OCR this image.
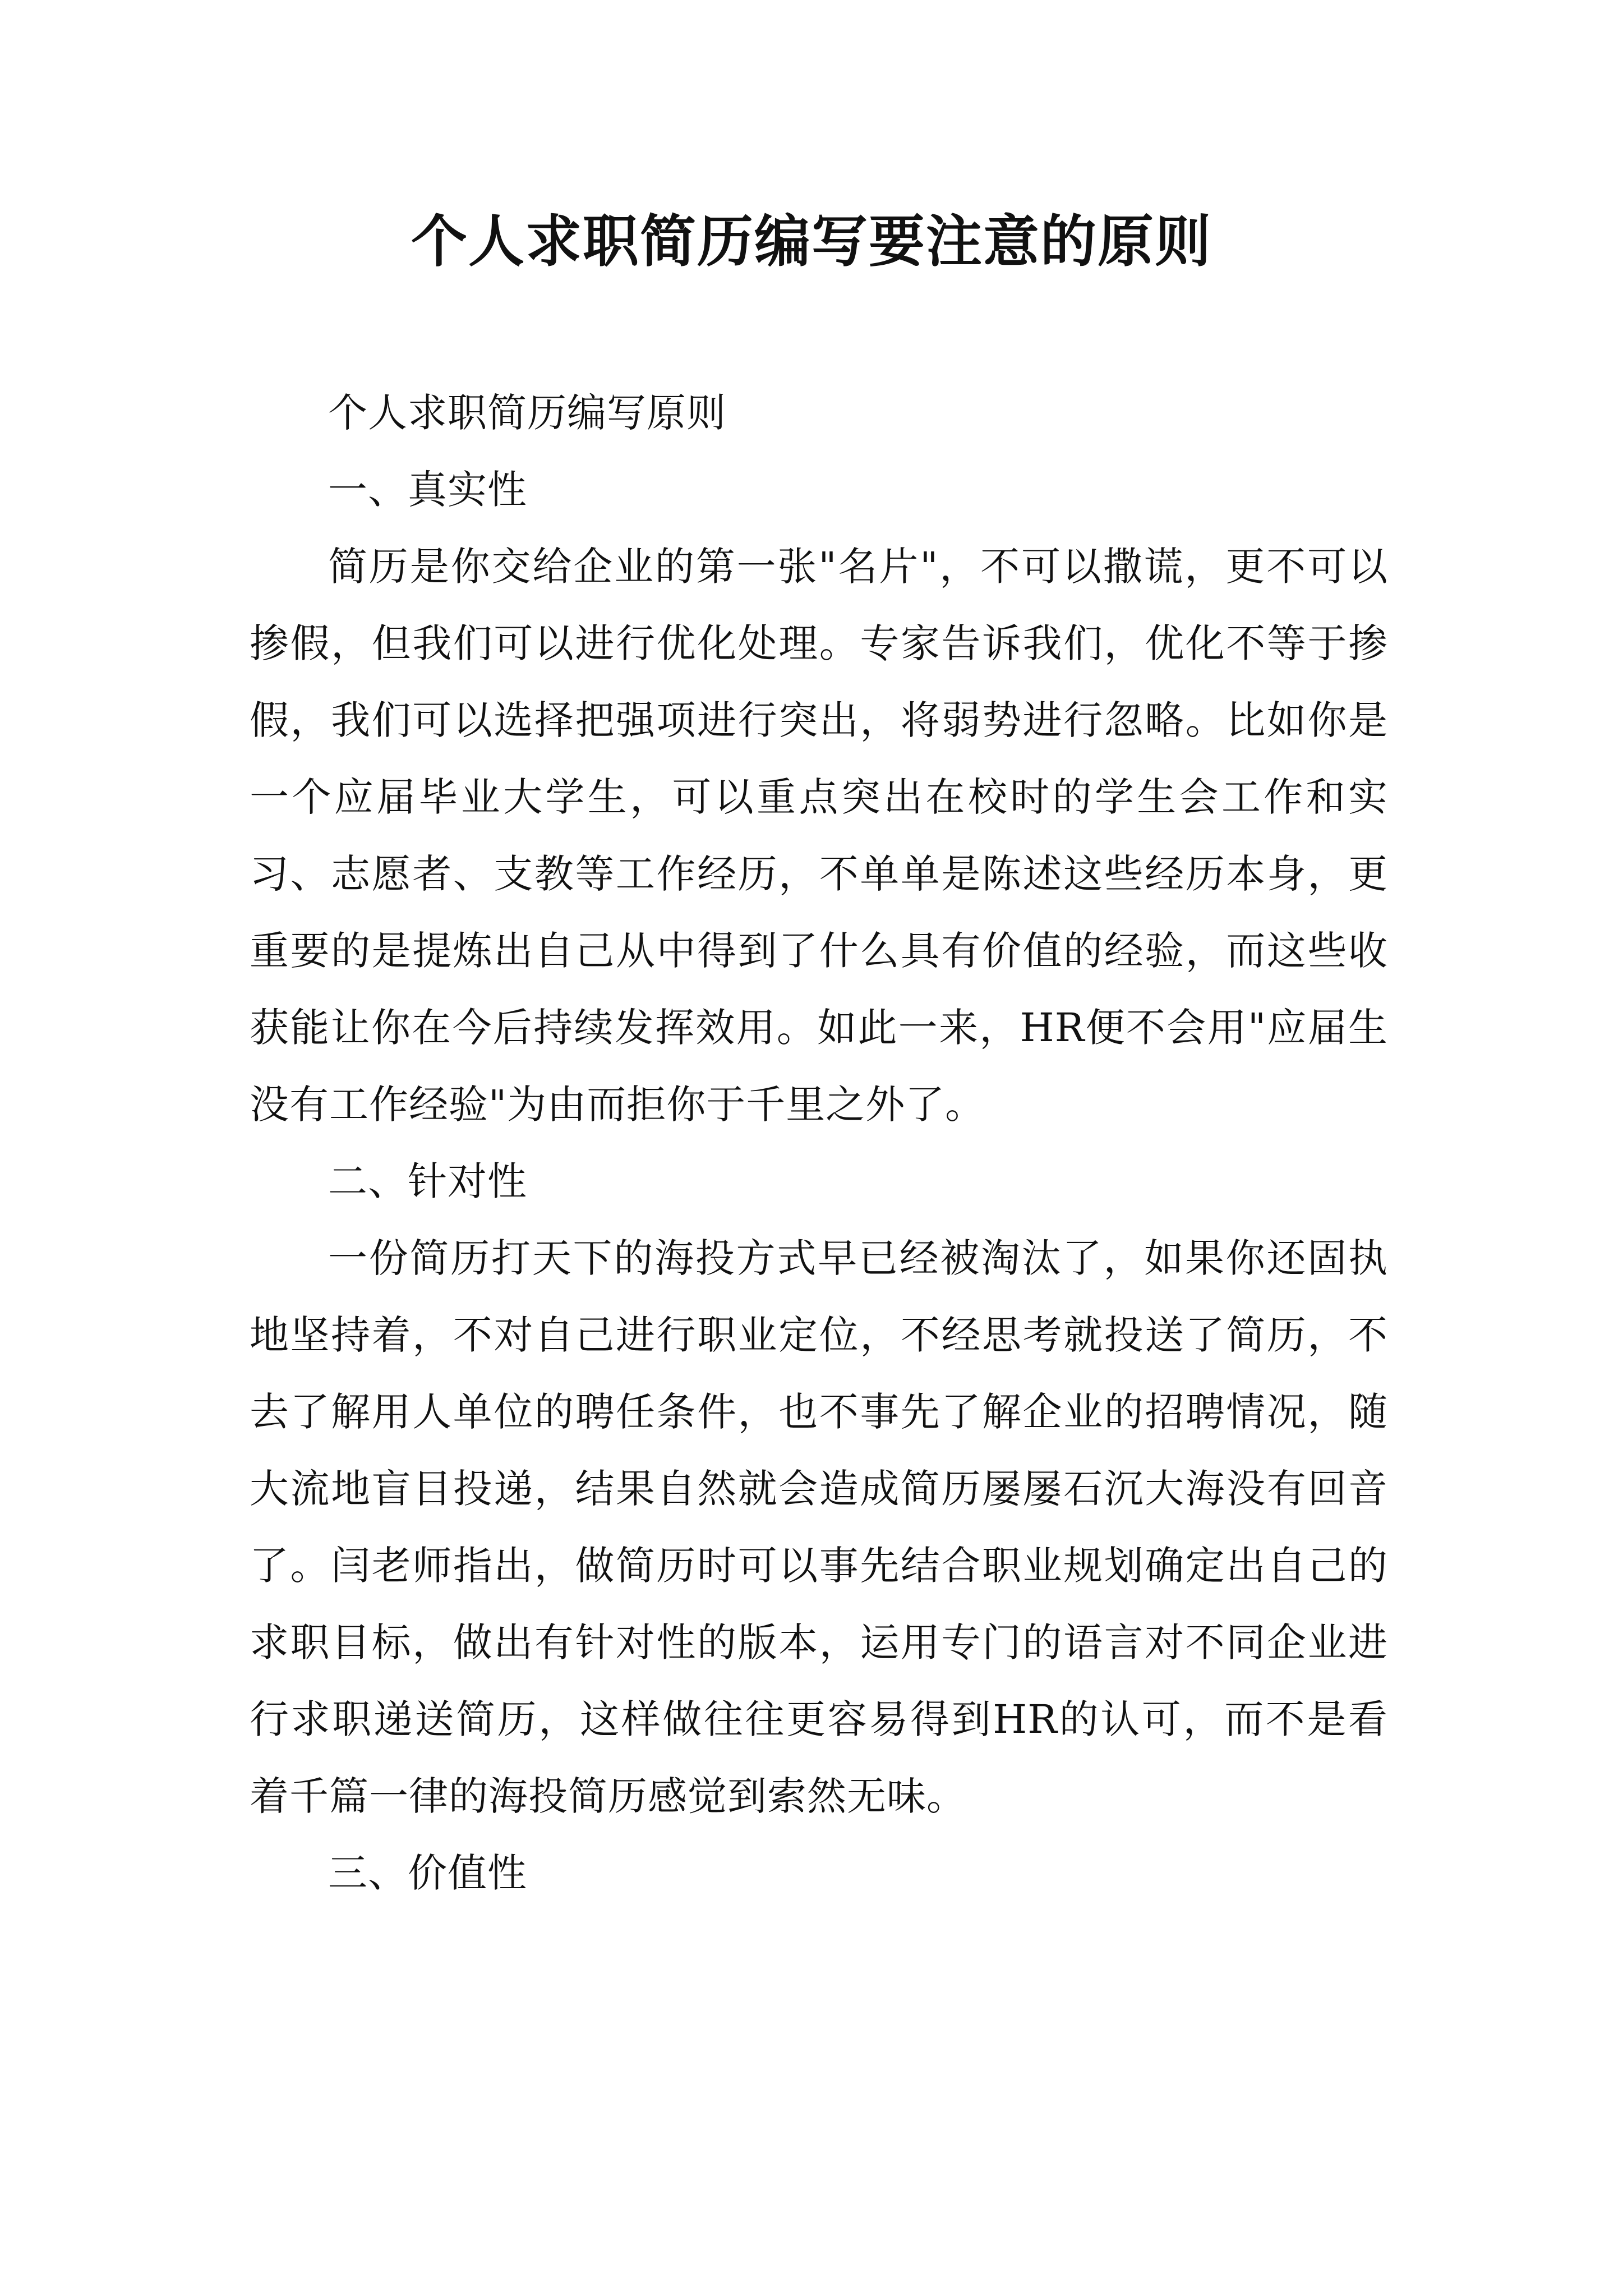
个人求职简历编写要注意的原则

个人求职简历编写原则

一、真实性

简历是你交给企业的第一张"名片"，不可以撒谎，更不可以掺假，但我们可以进行优化处理。专家告诉我们，优化不等于掺假，我们可以选择把强项进行突出，将弱势进行忽略。比如你是一个应届毕业大学生，可以重点突出在校时的学生会工作和实习、志愿者、支教等工作经历，不单单是陈述这些经历本身，更重要的是提炼出自己从中得到了什么具有价值的经验，而这些收获能让你在今后持续发挥效用。如此一来，HR便不会用"应届生没有工作经验"为由而拒你于千里之外了。

二、针对性

一份简历打天下的海投方式早已经被淘汰了，如果你还固执地坚持着，不对自己进行职业定位，不经思考就投送了简历，不去了解用人单位的聘任条件，也不事先了解企业的招聘情况，随大流地盲目投递，结果自然就会造成简历屡屡石沉大海没有回音了。闫老师指出，做简历时可以事先结合职业规划确定出自己的求职目标，做出有针对性的版本，运用专门的语言对不同企业进行求职递送简历，这样做往往更容易得到HR的认可，而不是看着千篇一律的海投简历感觉到索然无味。

三、价值性
